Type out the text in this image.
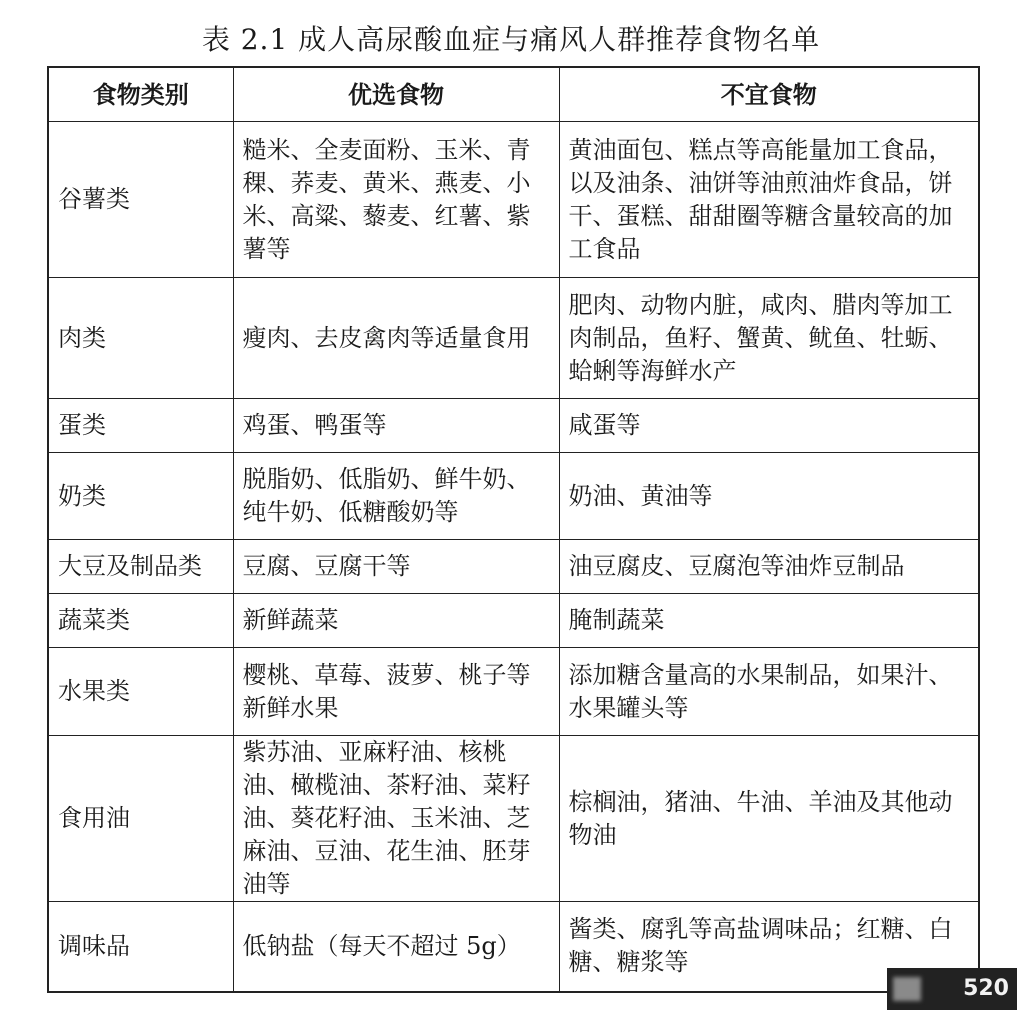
表 2.1 成人高尿酸血症与痛风人群推荐食物名单
食物类别	优选食物	不宜食物
谷薯类	糙米、全麦面粉、玉米、青稞、荞麦、黄米、燕麦、小米、高粱、藜麦、红薯、紫薯等	黄油面包、糕点等高能量加工食品，以及油条、油饼等油煎油炸食品，饼干、蛋糕、甜甜圈等糖含量较高的加工食品
肉类	瘦肉、去皮禽肉等适量食用	肥肉、动物内脏，咸肉、腊肉等加工肉制品，鱼籽、蟹黄、鱿鱼、牡蛎、蛤蜊等海鲜水产
蛋类	鸡蛋、鸭蛋等	咸蛋等
奶类	脱脂奶、低脂奶、鲜牛奶、纯牛奶、低糖酸奶等	奶油、黄油等
大豆及制品类	豆腐、豆腐干等	油豆腐皮、豆腐泡等油炸豆制品
蔬菜类	新鲜蔬菜	腌制蔬菜
水果类	樱桃、草莓、菠萝、桃子等新鲜水果	添加糖含量高的水果制品，如果汁、水果罐头等
食用油	紫苏油、亚麻籽油、核桃油、橄榄油、茶籽油、菜籽油、葵花籽油、玉米油、芝麻油、豆油、花生油、胚芽油等	棕榈油，猪油、牛油、羊油及其他动物油
调味品	低钠盐（每天不超过 5g）	酱类、腐乳等高盐调味品；红糖、白糖、糖浆等
520
